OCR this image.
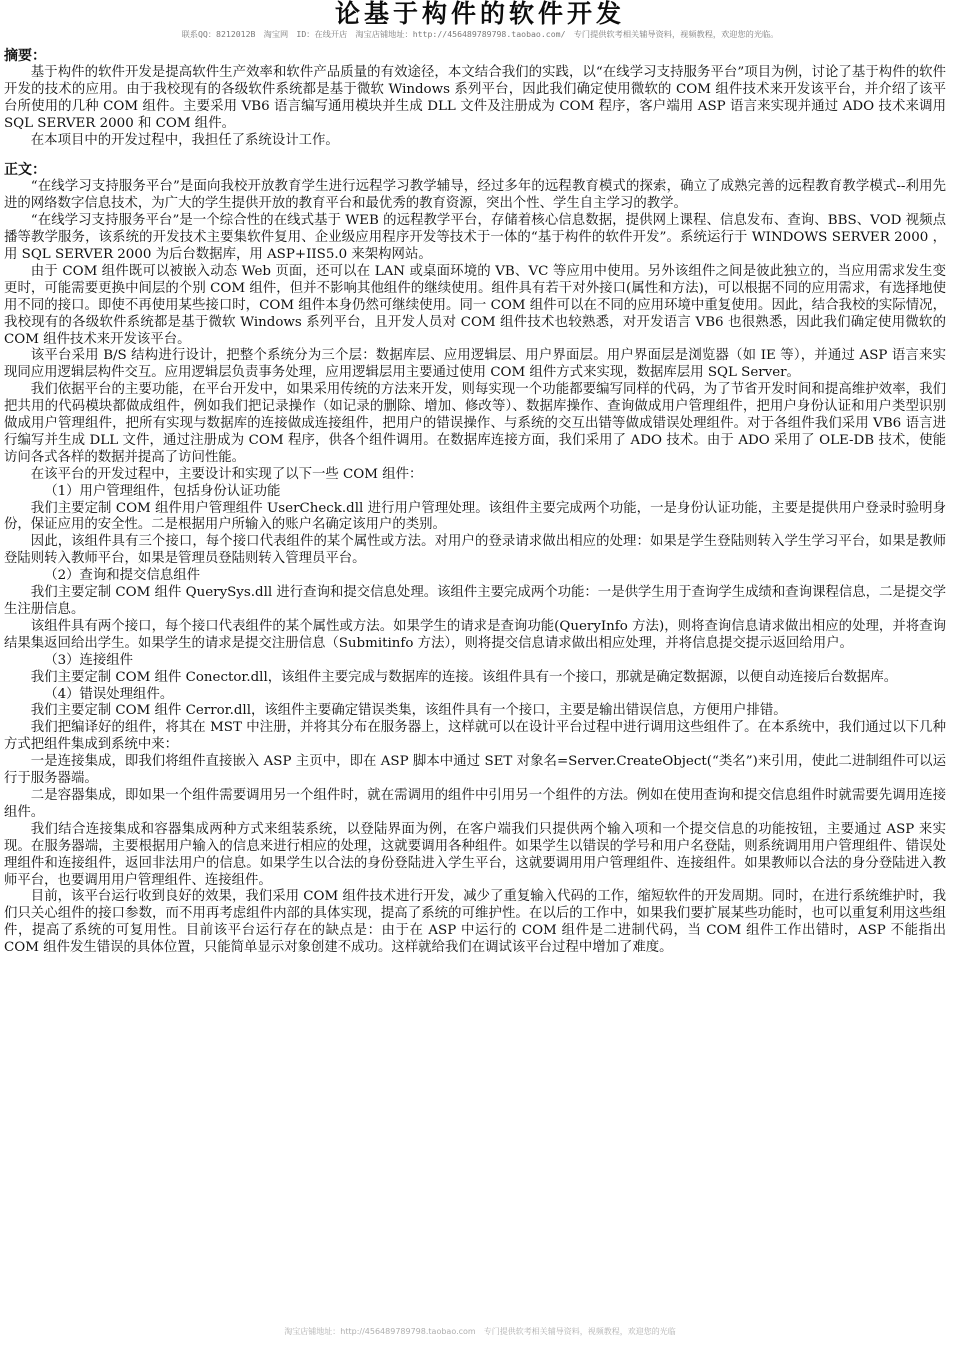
论基于构件的软件开发
联系QQ：8212012B　淘宝网　ID：在线开店　淘宝店铺地址：http://456489789798.taobao.com/　专门提供软考相关辅导资料，视频教程，欢迎您的光临。

摘要：

基于构件的软件开发是提高软件生产效率和软件产品质量的有效途径，本文结合我们的实践，以“在线学习支持服务平台”项目为例，讨论了基于构件的软件开发的技术的应用。由于我校现有的各级软件系统都是基于微软 Windows 系列平台，因此我们确定使用微软的 COM 组件技术来开发该平台，并介绍了该平台所使用的几种 COM 组件。主要采用 VB6 语言编写通用模块并生成 DLL 文件及注册成为 COM 程序，客户端用 ASP 语言来实现并通过 ADO 技术来调用 SQL SERVER 2000 和 COM 组件。

在本项目中的开发过程中，我担任了系统设计工作。

正文：

“在线学习支持服务平台”是面向我校开放教育学生进行远程学习教学辅导，经过多年的远程教育模式的探索，确立了成熟完善的远程教育教学模式--利用先进的网络数字信息技术，为广大的学生提供开放的教育平台和最优秀的教育资源，突出个性、学生自主学习的教学。

“在线学习支持服务平台”是一个综合性的在线式基于 WEB 的远程教学平台，存储着核心信息数据，提供网上课程、信息发布、查询、BBS、VOD 视频点播等教学服务，该系统的开发技术主要集软件复用、企业级应用程序开发等技术于一体的“基于构件的软件开发”。系统运行于 WINDOWS SERVER 2000 ，用 SQL SERVER 2000 为后台数据库，用 ASP+IIS5.0 来架构网站。

由于 COM 组件既可以被嵌入动态 Web 页面，还可以在 LAN 或桌面环境的 VB、VC 等应用中使用。另外该组件之间是彼此独立的，当应用需求发生变更时，可能需要更换中间层的个别 COM 组件，但并不影响其他组件的继续使用。组件具有若干对外接口(属性和方法)，可以根据不同的应用需求，有选择地使用不同的接口。即使不再使用某些接口时，COM 组件本身仍然可继续使用。同一 COM 组件可以在不同的应用环境中重复使用。因此，结合我校的实际情况，我校现有的各级软件系统都是基于微软 Windows 系列平台，且开发人员对 COM 组件技术也较熟悉，对开发语言 VB6 也很熟悉，因此我们确定使用微软的 COM 组件技术来开发该平台。

该平台采用 B/S 结构进行设计，把整个系统分为三个层：数据库层、应用逻辑层、用户界面层。用户界面层是浏览器（如 IE 等），并通过 ASP 语言来实现同应用逻辑层构件交互。应用逻辑层负责事务处理，应用逻辑层用主要通过使用 COM 组件方式来实现，数据库层用 SQL Server。

我们依据平台的主要功能，在平台开发中，如果采用传统的方法来开发，则每实现一个功能都要编写同样的代码，为了节省开发时间和提高维护效率，我们把共用的代码模块都做成组件，例如我们把记录操作（如记录的删除、增加、修改等）、数据库操作、查询做成用户管理组件，把用户身份认证和用户类型识别做成用户管理组件，把所有实现与数据库的连接做成连接组件，把用户的错误操作、与系统的交互出错等做成错误处理组件。对于各组件我们采用 VB6 语言进行编写并生成 DLL 文件，通过注册成为 COM 程序，供各个组件调用。在数据库连接方面，我们采用了 ADO 技术。由于 ADO 采用了 OLE-DB 技术，使能访问各式各样的数据并提高了访问性能。

在该平台的开发过程中，主要设计和实现了以下一些 COM 组件：

（1）用户管理组件，包括身份认证功能

我们主要定制 COM 组件用户管理组件 UserCheck.dll 进行用户管理处理。该组件主要完成两个功能，一是身份认证功能，主要是提供用户登录时验明身份，保证应用的安全性。二是根据用户所输入的账户名确定该用户的类别。

因此，该组件具有三个接口，每个接口代表组件的某个属性或方法。对用户的登录请求做出相应的处理：如果是学生登陆则转入学生学习平台，如果是教师登陆则转入教师平台，如果是管理员登陆则转入管理员平台。

（2）查询和提交信息组件

我们主要定制 COM 组件 QuerySys.dll 进行查询和提交信息处理。该组件主要完成两个功能：一是供学生用于查询学生成绩和查询课程信息，二是提交学生注册信息。

该组件具有两个接口，每个接口代表组件的某个属性或方法。如果学生的请求是查询功能(QueryInfo 方法)，则将查询信息请求做出相应的处理，并将查询结果集返回给出学生。如果学生的请求是提交注册信息（Submitinfo 方法），则将提交信息请求做出相应处理，并将信息提交提示返回给用户。

（3）连接组件

我们主要定制 COM 组件 Conector.dll，该组件主要完成与数据库的连接。该组件具有一个接口，那就是确定数据源，以便自动连接后台数据库。

（4）错误处理组件。

我们主要定制 COM 组件 Cerror.dll，该组件主要确定错误类集，该组件具有一个接口，主要是输出错误信息，方便用户排错。

我们把编译好的组件，将其在 MST 中注册，并将其分布在服务器上，这样就可以在设计平台过程中进行调用这些组件了。在本系统中，我们通过以下几种方式把组件集成到系统中来：

一是连接集成，即我们将组件直接嵌入 ASP 主页中，即在 ASP 脚本中通过 SET 对象名=Server.CreateObject(“类名”)来引用，使此二进制组件可以运行于服务器端。

二是容器集成，即如果一个组件需要调用另一个组件时，就在需调用的组件中引用另一个组件的方法。例如在使用查询和提交信息组件时就需要先调用连接组件。

我们结合连接集成和容器集成两种方式来组装系统，以登陆界面为例，在客户端我们只提供两个输入项和一个提交信息的功能按钮，主要通过 ASP 来实现。在服务器端，主要根据用户输入的信息来进行相应的处理，这就要调用各种组件。如果学生以错误的学号和用户名登陆，则系统调用用户管理组件、错误处理组件和连接组件，返回非法用户的信息。如果学生以合法的身份登陆进入学生平台，这就要调用用户管理组件、连接组件。如果教师以合法的身分登陆进入教师平台，也要调用用户管理组件、连接组件。

目前，该平台运行收到良好的效果，我们采用 COM 组件技术进行开发，减少了重复输入代码的工作，缩短软件的开发周期。同时，在进行系统维护时，我们只关心组件的接口参数，而不用再考虑组件内部的具体实现，提高了系统的可维护性。在以后的工作中，如果我们要扩展某些功能时，也可以重复利用这些组件，提高了系统的可复用性。目前该平台运行存在的缺点是：由于在 ASP 中运行的 COM 组件是二进制代码，当 COM 组件工作出错时，ASP 不能指出 COM 组件发生错误的具体位置，只能简单显示对象创建不成功。这样就给我们在调试该平台过程中增加了难度。

淘宝店铺地址：http://456489789798.taobao.com　专门提供软考相关辅导资料，视频教程，欢迎您的光临
